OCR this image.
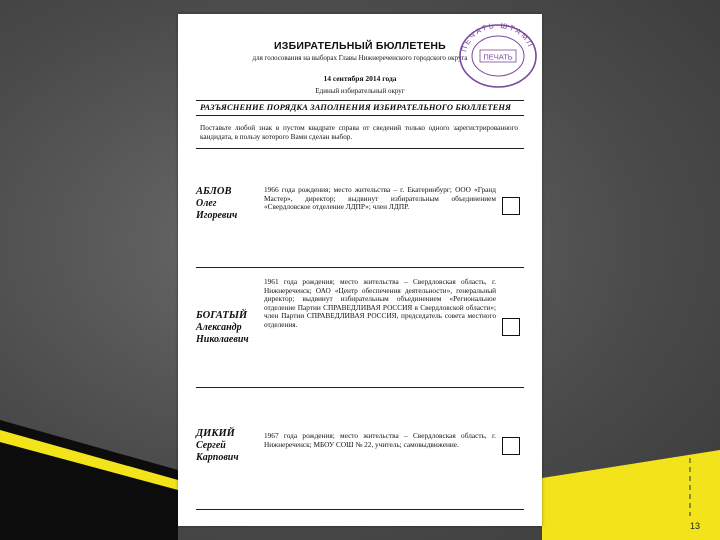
ИЗБИРАТЕЛЬНЫЙ БЮЛЛЕТЕНЬ
для голосования на выборах Главы Нижнереченского городского округа
14 сентября 2014 года
Единый избирательный округ
РАЗЪЯСНЕНИЕ ПОРЯДКА ЗАПОЛНЕНИЯ ИЗБИРАТЕЛЬНОГО БЮЛЛЕТЕНЯ
Поставьте любой знак в пустом квадрате справа от сведений только одного зарегистрированного кандидата, в пользу которого Вами сделан выбор.
АБЛОВ
Олег
Игоревич
1966 года рождения; место жительства – г. Екатеринбург; ООО «Гранд Мастер», директор; выдвинут избирательным объединением «Свердловское отделение ЛДПР»; член ЛДПР.
БОГАТЫЙ
Александр
Николаевич
1961 года рождения; место жительства – Свердловская область, г. Нижнереченск; ОАО «Центр обеспечения деятельности», генеральный директор; выдвинут избирательным объединением «Региональное отделение Партии СПРАВЕДЛИВАЯ РОССИЯ в Свердловской области»; член Партии СПРАВЕДЛИВАЯ РОССИЯ, председатель совета местного отделения.
ДИКИЙ
Сергей
Карпович
1967 года рождения; место жительства – Свердловская область, г. Нижнереченск; МБОУ СОШ № 22, учитель; самовыдвижение.
ПЕЧАТЬ ШТАМП
ПЕЧАТЬ
13
